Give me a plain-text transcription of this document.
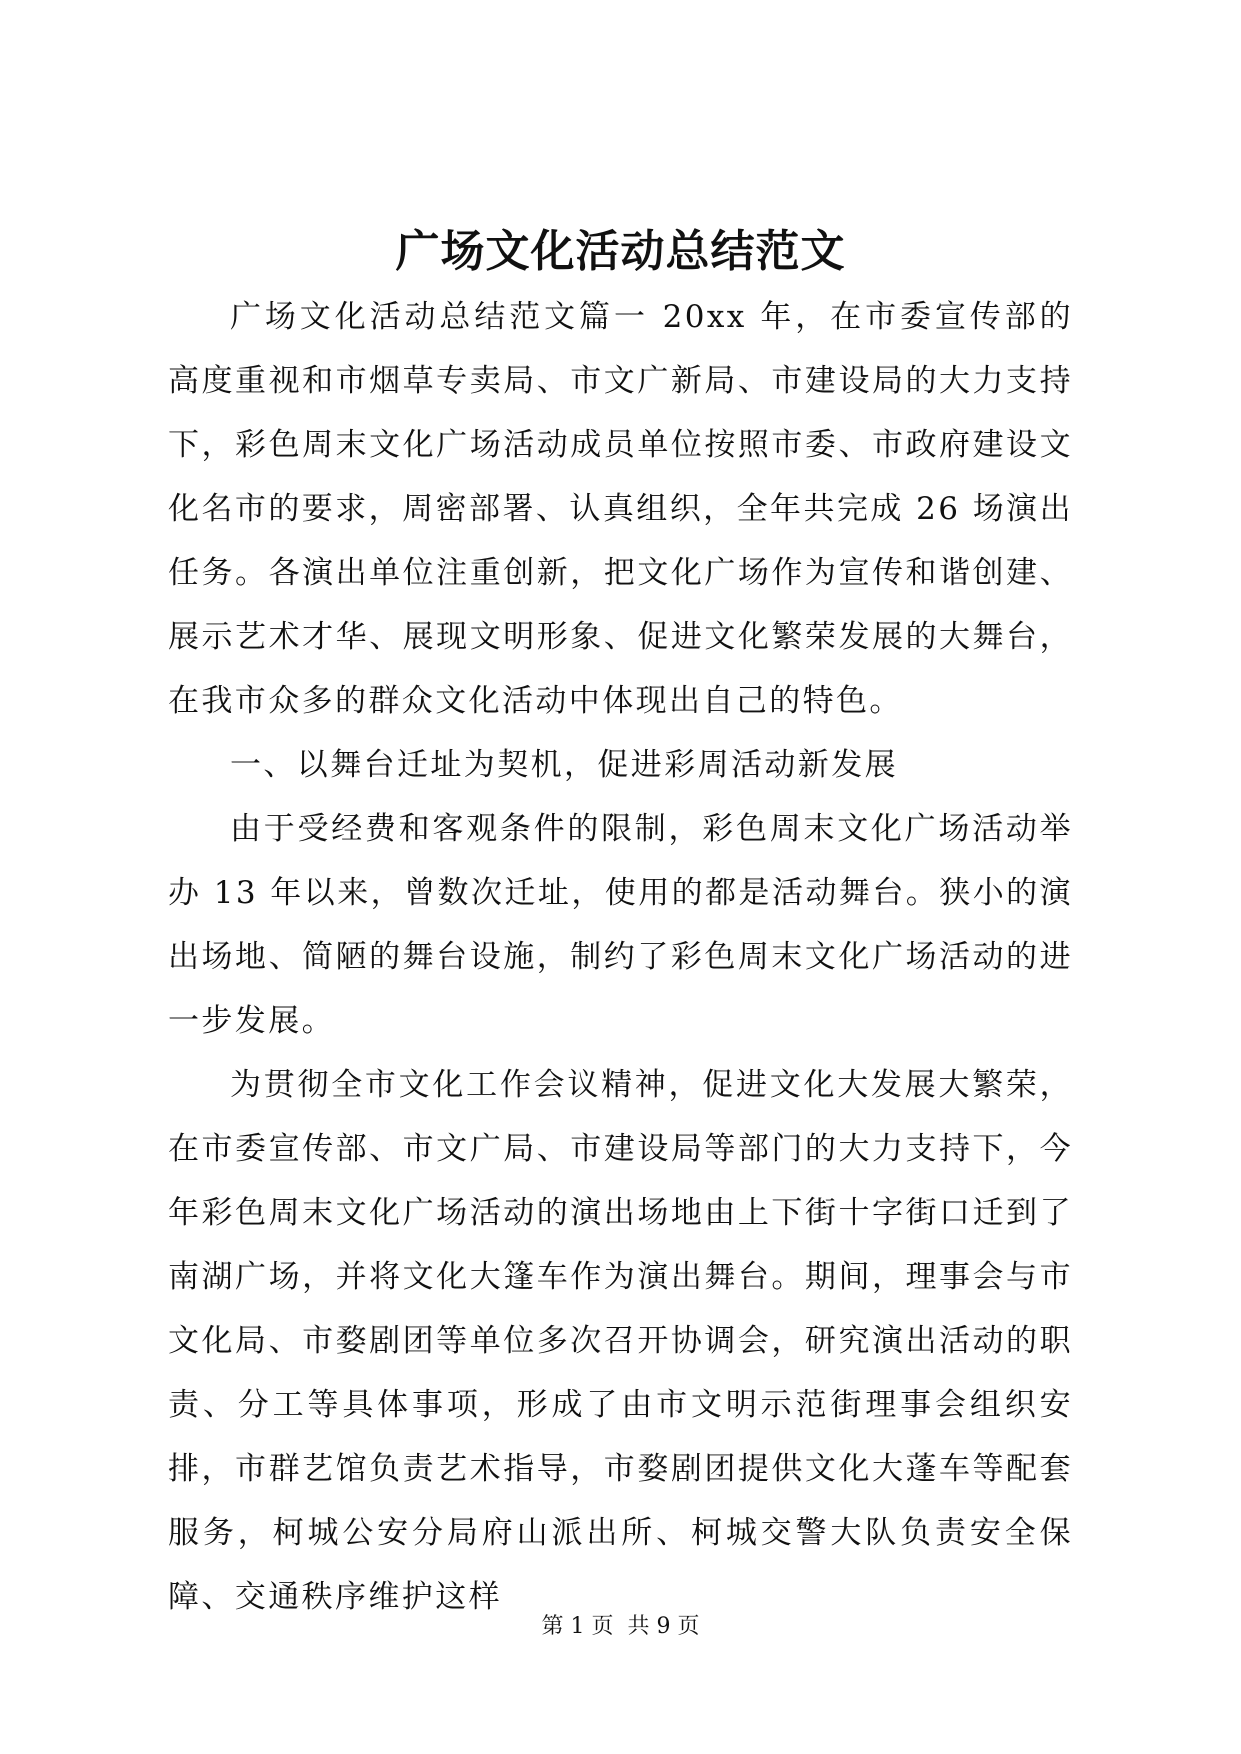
广场文化活动总结范文

广场文化活动总结范文篇一 20xx 年，在市委宣传部的高度重视和市烟草专卖局、市文广新局、市建设局的大力支持下，彩色周末文化广场活动成员单位按照市委、市政府建设文化名市的要求，周密部署、认真组织，全年共完成 26 场演出任务。各演出单位注重创新，把文化广场作为宣传和谐创建、展示艺术才华、展现文明形象、促进文化繁荣发展的大舞台，在我市众多的群众文化活动中体现出自己的特色。

一、以舞台迁址为契机，促进彩周活动新发展

由于受经费和客观条件的限制，彩色周末文化广场活动举办 13 年以来，曾数次迁址，使用的都是活动舞台。狭小的演出场地、简陋的舞台设施，制约了彩色周末文化广场活动的进一步发展。

为贯彻全市文化工作会议精神，促进文化大发展大繁荣，在市委宣传部、市文广局、市建设局等部门的大力支持下，今年彩色周末文化广场活动的演出场地由上下街十字街口迁到了南湖广场，并将文化大篷车作为演出舞台。期间，理事会与市文化局、市婺剧团等单位多次召开协调会，研究演出活动的职责、分工等具体事项，形成了由市文明示范街理事会组织安排，市群艺馆负责艺术指导，市婺剧团提供文化大蓬车等配套服务，柯城公安分局府山派出所、柯城交警大队负责安全保障、交通秩序维护这样

第 1 页 共 9 页
